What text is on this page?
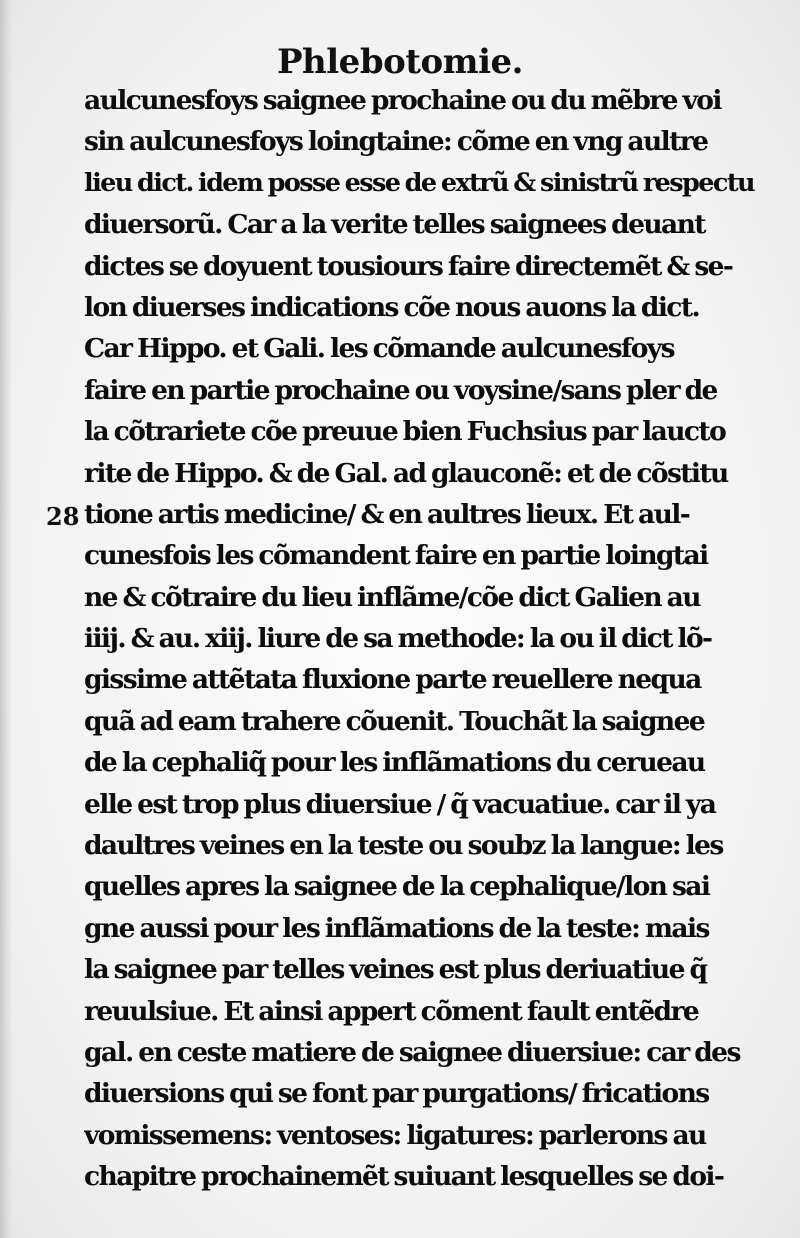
Phlebotomie.
28
aulcunesfoys saignee prochaine ou du mẽbre voi
sin aulcunesfoys loingtaine: cõme en vng aultre
lieu dict. idem posse esse de extrũ & sinistrũ respectu
diuersorũ. Car a la verite telles saignees deuant
dictes se doyuent tousiours faire directemẽt & se-
lon diuerses indications cõe nous auons la dict.
Car Hippo. et Gali. les cõmande aulcunesfoys
faire en partie prochaine ou voysine/sans pler de
la cõtrariete cõe preuue bien Fuchsius par laucto
rite de Hippo. & de Gal. ad glauconẽ: et de cõstitu
tione artis medicine/ & en aultres lieux. Et aul-
cunesfois les cõmandent faire en partie loingtai
ne & cõtraire du lieu inflãme/cõe dict Galien au
iiij. & au. xiij. liure de sa methode: la ou il dict lõ-
gissime attẽtata fluxione parte reuellere nequa
quã ad eam trahere cõuenit. Touchãt la saignee
de la cephaliq̃ pour les inflãmations du cerueau
elle est trop plus diuersiue / q̃ vacuatiue. car il ya
daultres veines en la teste ou soubz la langue: les
quelles apres la saignee de la cephalique/lon sai
gne aussi pour les inflãmations de la teste: mais
la saignee par telles veines est plus deriuatiue q̃
reuulsiue. Et ainsi appert cõment fault entẽdre
gal. en ceste matiere de saignee diuersiue: car des
diuersions qui se font par purgations/ frications
vomissemens: ventoses: ligatures: parlerons au
chapitre prochainemẽt suiuant lesquelles se doi-
